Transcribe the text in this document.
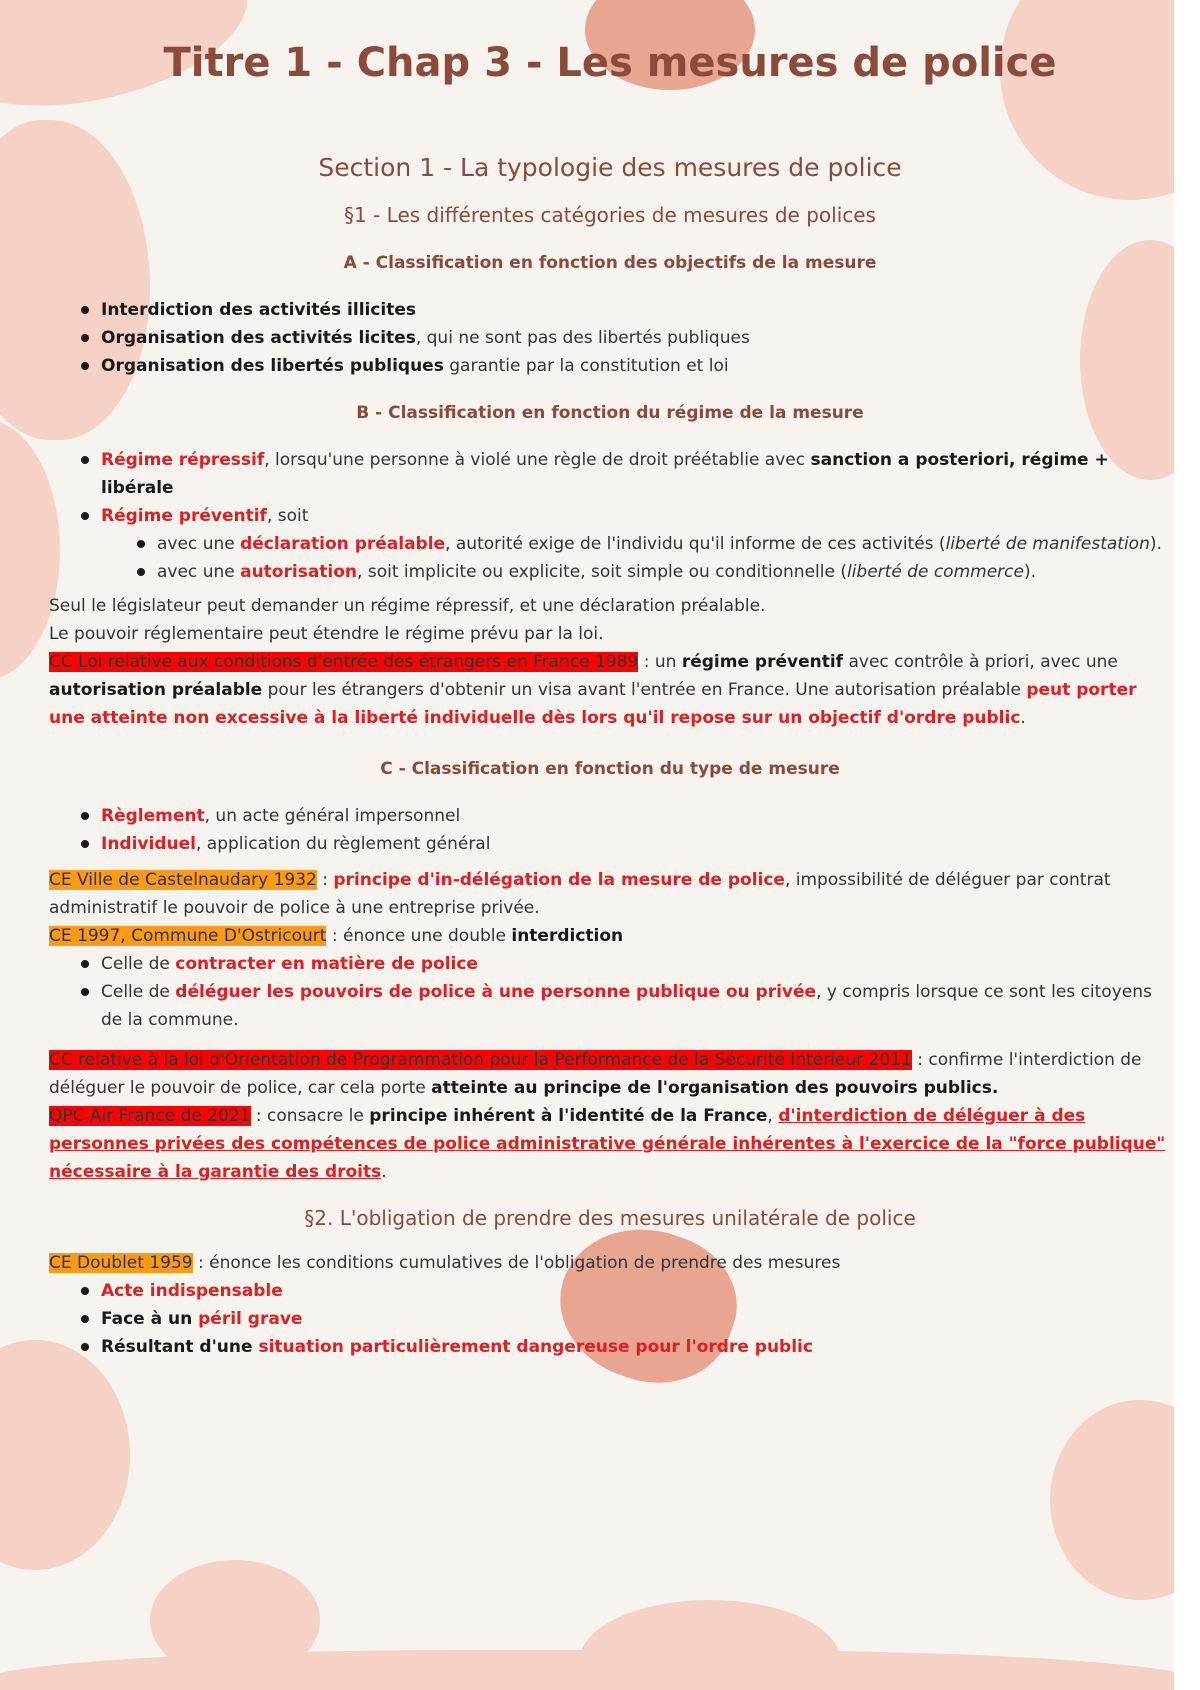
Titre 1 - Chap 3 - Les mesures de police
Section 1 - La typologie des mesures de police
§1 - Les différentes catégories de mesures de polices
A - Classification en fonction des objectifs de la mesure
Interdiction des activités illicites
Organisation des activités licites, qui ne sont pas des libertés publiques
Organisation des libertés publiques garantie par la constitution et loi
B - Classification en fonction du régime de la mesure
Régime répressif, lorsqu'une personne à violé une règle de droit préétablie avec sanction a posteriori, régime + libérale
Régime préventif, soit
avec une déclaration préalable, autorité exige de l'individu qu'il informe de ces activités (liberté de manifestation).
avec une autorisation, soit implicite ou explicite, soit simple ou conditionnelle (liberté de commerce).

Seul le législateur peut demander un régime répressif, et une déclaration préalable.

Le pouvoir réglementaire peut étendre le régime prévu par la loi.

CC Loi relative aux conditions d'entrée des étrangers en France 1989 : un régime préventif avec contrôle à priori, avec une autorisation préalable pour les étrangers d'obtenir un visa avant l'entrée en France. Une autorisation préalable peut porter une atteinte non excessive à la liberté individuelle dès lors qu'il repose sur un objectif d'ordre public.

C - Classification en fonction du type de mesure
Règlement, un acte général impersonnel
Individuel, application du règlement général

CE Ville de Castelnaudary 1932 : principe d'in-délégation de la mesure de police, impossibilité de déléguer par contrat administratif le pouvoir de police à une entreprise privée.

CE 1997, Commune D'Ostricourt : énonce une double interdiction

Celle de contracter en matière de police
Celle de déléguer les pouvoirs de police à une personne publique ou privée, y compris lorsque ce sont les citoyens de la commune.

CC relative à la loi d'Orientation de Programmation pour la Performance de la Sécurité Intérieur 2011 : confirme l'interdiction de déléguer le pouvoir de police, car cela porte atteinte au principe de l'organisation des pouvoirs publics.

QPC Air France de 2021 : consacre le principe inhérent à l'identité de la France, d'interdiction de déléguer à des personnes privées des compétences de police administrative générale inhérentes à l'exercice de la "force publique" nécessaire à la garantie des droits.

§2. L'obligation de prendre des mesures unilatérale de police

CE Doublet 1959 : énonce les conditions cumulatives de l'obligation de prendre des mesures

Acte indispensable
Face à un péril grave
Résultant d'une situation particulièrement dangereuse pour l'ordre public
